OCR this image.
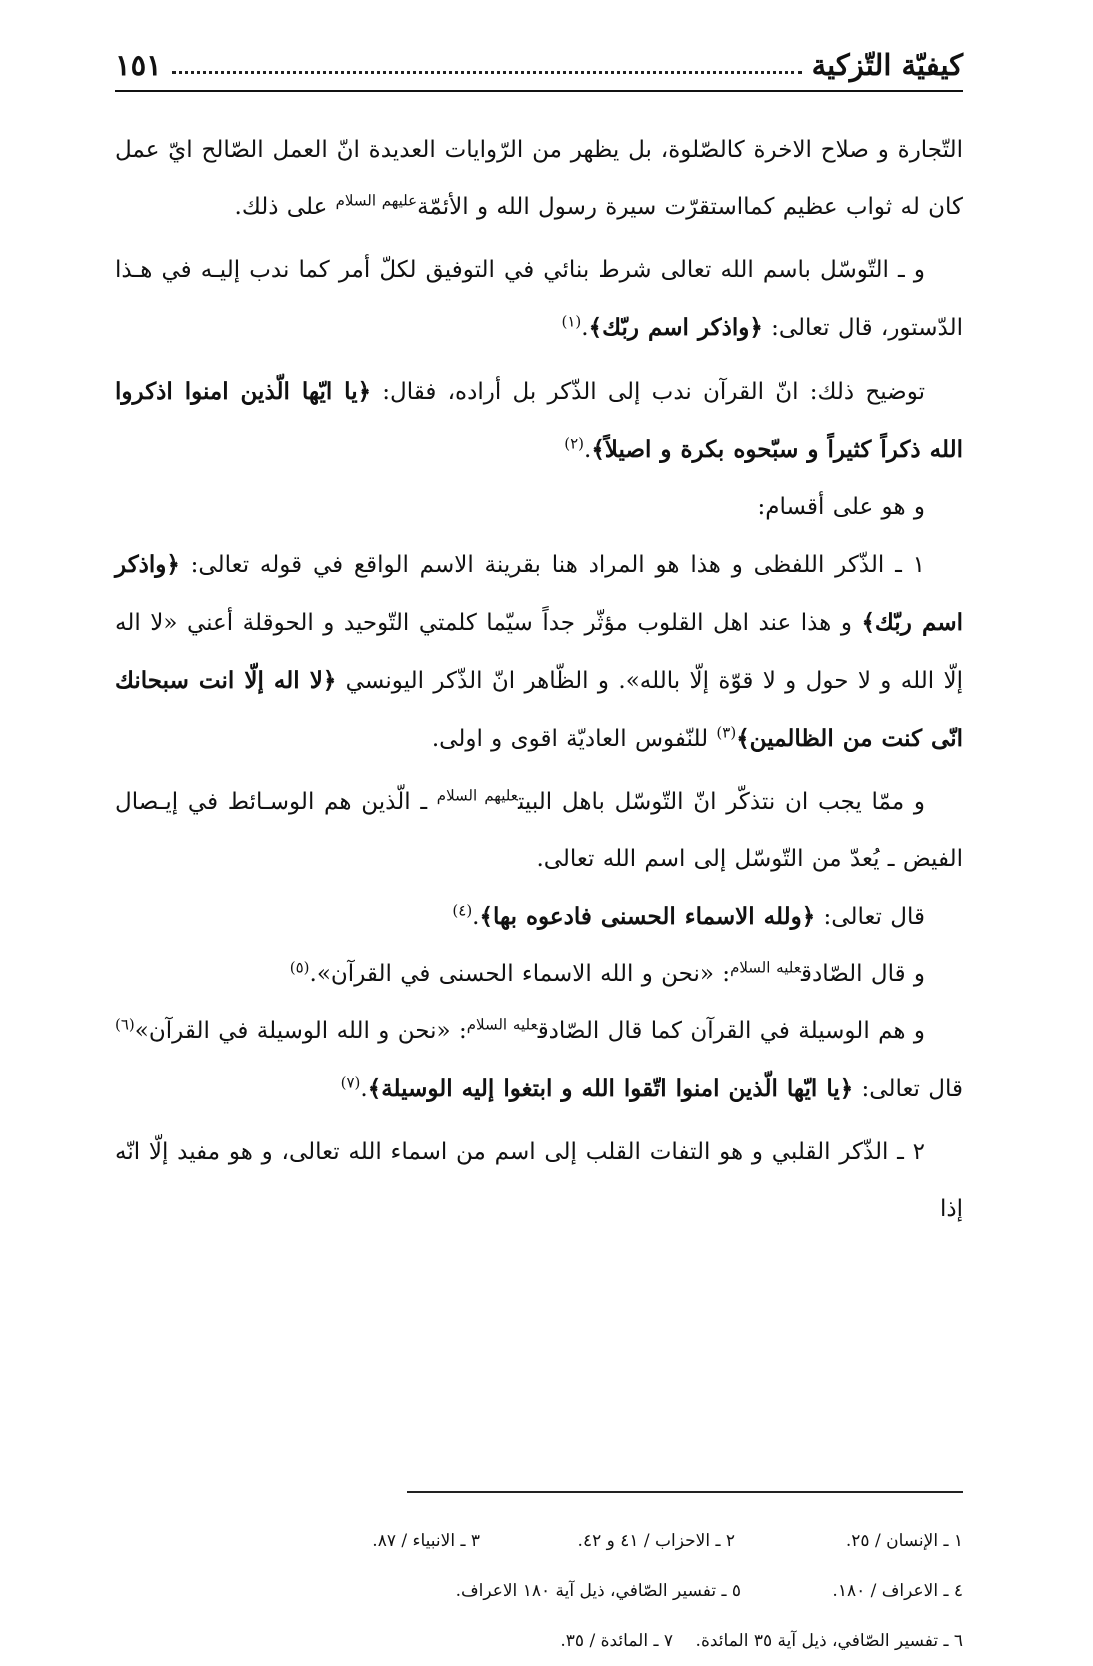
كيفيّة التّزكية
١٥١

التّجارة و صلاح الاخرة كالصّلوة، بل يظهر من الرّوايات العديدة انّ العمل الصّالح ايّ عمل كان له ثواب عظيم كمااستقرّت سيرة رسول الله و الأئمّة$^{عليهم السلام}$ على ذلك.

و ـ التّوسّل باسم الله تعالى شرط بنائي في التوفيق لكلّ أمر كما ندب إليـه في هـذا الدّستور، قال تعالى: ﴿واذكر اسم ربّك﴾.$^{(١)}$

توضيح ذلك: انّ القرآن ندب إلى الذّكر بل أراده، فقال: ﴿يا ايّها الّذين امنوا اذكروا الله ذكراً كثيراً و سبّحوه بكرة و اصيلاً﴾.$^{(٢)}$

و هو على أقسام:

١ ـ الذّكر اللفظى و هذا هو المراد هنا بقرينة الاسم الواقع في قوله تعالى: ﴿واذكر اسم ربّك﴾ و هذا عند اهل القلوب مؤثّر جداً سيّما كلمتي التّوحيد و الحوقلة أعني «لا اله إلّا الله و لا حول و لا قوّة إلّا بالله». و الظّاهر انّ الذّكر اليونسي ﴿لا اله إلّا انت سبحانك انّى كنت من الظالمين﴾$^{(٣)}$ للنّفوس العاديّة اقوى و اولى.

و ممّا يجب ان نتذكّر انّ التّوسّل باهل البيت$^{عليهم السلام}$ ـ الّذين هم الوسـائط في إيـصال الفيض ـ يُعدّ من التّوسّل إلى اسم الله تعالى.

قال تعالى: ﴿ولله الاسماء الحسنى فادعوه بها﴾.$^{(٤)}$

و قال الصّادق$^{عليه السلام}$: «نحن و الله الاسماء الحسنى في القرآن».$^{(٥)}$

و هم الوسيلة في القرآن كما قال الصّادق$^{عليه السلام}$: «نحن و الله الوسيلة في القرآن»$^{(٦)}$ قال تعالى: ﴿يا ايّها الّذين امنوا اتّقوا الله و ابتغوا إليه الوسيلة﴾.$^{(٧)}$

٢ ـ الذّكر القلبي و هو التفات القلب إلى اسم من اسماء الله تعالى، و هو مفيد إلّا انّه إذا

١ ـ الإنسان / ٢٥.
٢ ـ الاحزاب / ٤١ و ٤٢.
٣ ـ الانبياء / ٨٧.
٤ ـ الاعراف / ١٨٠.
٥ ـ تفسير الصّافي، ذيل آية ١٨٠ الاعراف.
٦ ـ تفسير الصّافي، ذيل آية ٣٥ المائدة.
٧ ـ المائدة / ٣٥.
